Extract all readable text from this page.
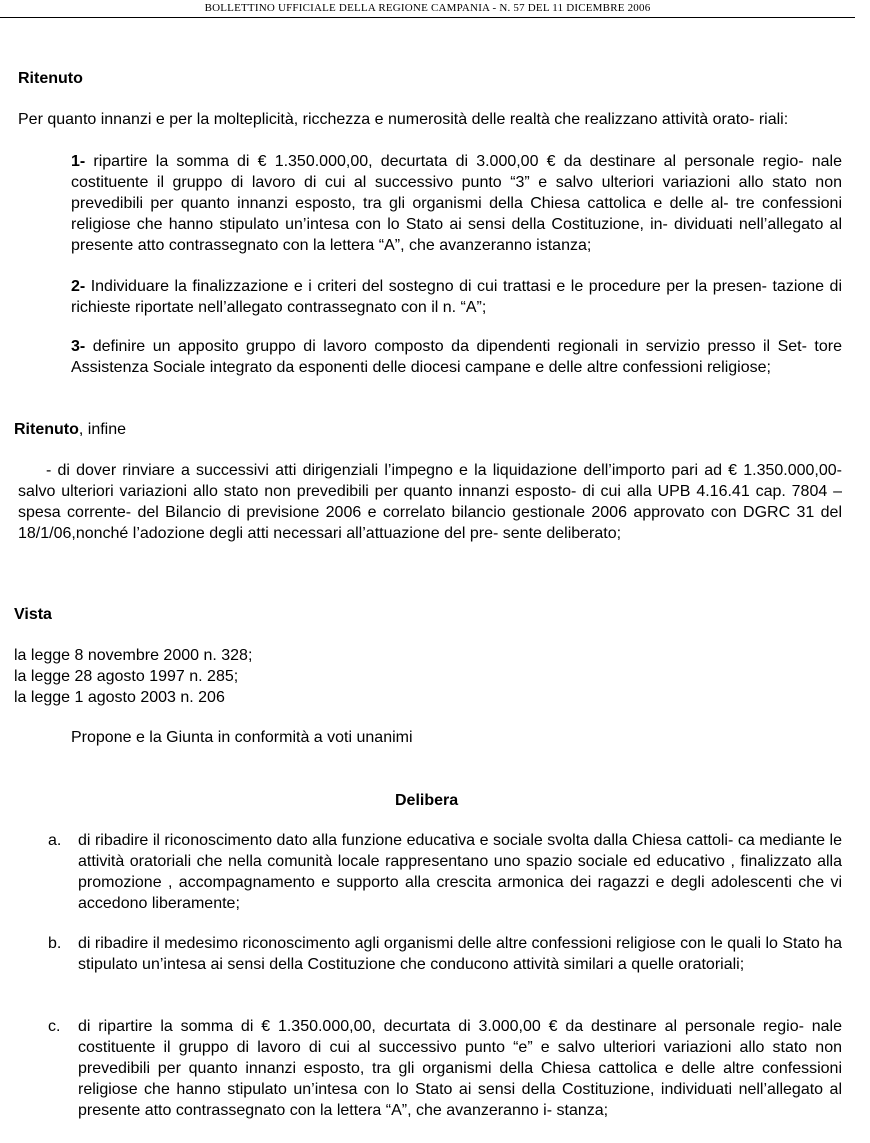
BOLLETTINO UFFICIALE DELLA REGIONE CAMPANIA - N. 57 DEL 11 DICEMBRE 2006
Ritenuto
Per quanto innanzi e per la molteplicità, ricchezza e numerosità delle realtà che realizzano attività orato- riali:
1- ripartire la somma di € 1.350.000,00, decurtata di 3.000,00 € da destinare al personale regio- nale costituente il gruppo di lavoro di cui al successivo punto “3” e salvo ulteriori variazioni allo stato non prevedibili per quanto innanzi esposto, tra gli organismi della Chiesa cattolica e delle al- tre confessioni religiose che hanno stipulato un’intesa con lo Stato ai sensi della Costituzione, in- dividuati nell’allegato al presente atto contrassegnato con la lettera “A”, che avanzeranno istanza;
2- Individuare la finalizzazione e i criteri del sostegno di cui trattasi e le procedure per la presen- tazione di richieste riportate nell’allegato contrassegnato con il n. “A”;
3- definire un apposito gruppo di lavoro composto da dipendenti regionali in servizio presso il Set- tore Assistenza Sociale integrato da esponenti delle diocesi campane e delle altre confessioni religiose;
Ritenuto, infine
- di dover rinviare a successivi atti dirigenziali l’impegno e la liquidazione dell’importo pari ad € 1.350.000,00- salvo ulteriori variazioni allo stato non prevedibili per quanto innanzi esposto- di cui alla UPB 4.16.41 cap. 7804 –spesa corrente- del Bilancio di previsione 2006 e correlato bilancio gestionale 2006 approvato con DGRC 31 del 18/1/06,nonché l’adozione degli atti necessari all’attuazione del pre- sente deliberato;
Vista
la legge 8 novembre 2000 n. 328;
la legge 28 agosto 1997 n. 285;
la legge 1 agosto 2003 n. 206
Propone e la Giunta in conformità a voti unanimi
Delibera
a. di ribadire il riconoscimento dato alla funzione educativa e sociale svolta dalla Chiesa cattoli- ca mediante le attività oratoriali che nella comunità locale rappresentano uno spazio sociale ed educativo , finalizzato alla promozione , accompagnamento e supporto alla crescita armonica dei ragazzi e degli adolescenti che vi accedono liberamente;
b. di ribadire il medesimo riconoscimento agli organismi delle altre confessioni religiose con le quali lo Stato ha stipulato un’intesa ai sensi della Costituzione che conducono attività similari a quelle oratoriali;
c. di ripartire la somma di € 1.350.000,00, decurtata di 3.000,00 € da destinare al personale regio- nale costituente il gruppo di lavoro di cui al successivo punto “e” e salvo ulteriori variazioni allo stato non prevedibili per quanto innanzi esposto, tra gli organismi della Chiesa cattolica e delle altre confessioni religiose che hanno stipulato un’intesa con lo Stato ai sensi della Costituzione, individuati nell’allegato al presente atto contrassegnato con la lettera “A”, che avanzeranno i- stanza;
